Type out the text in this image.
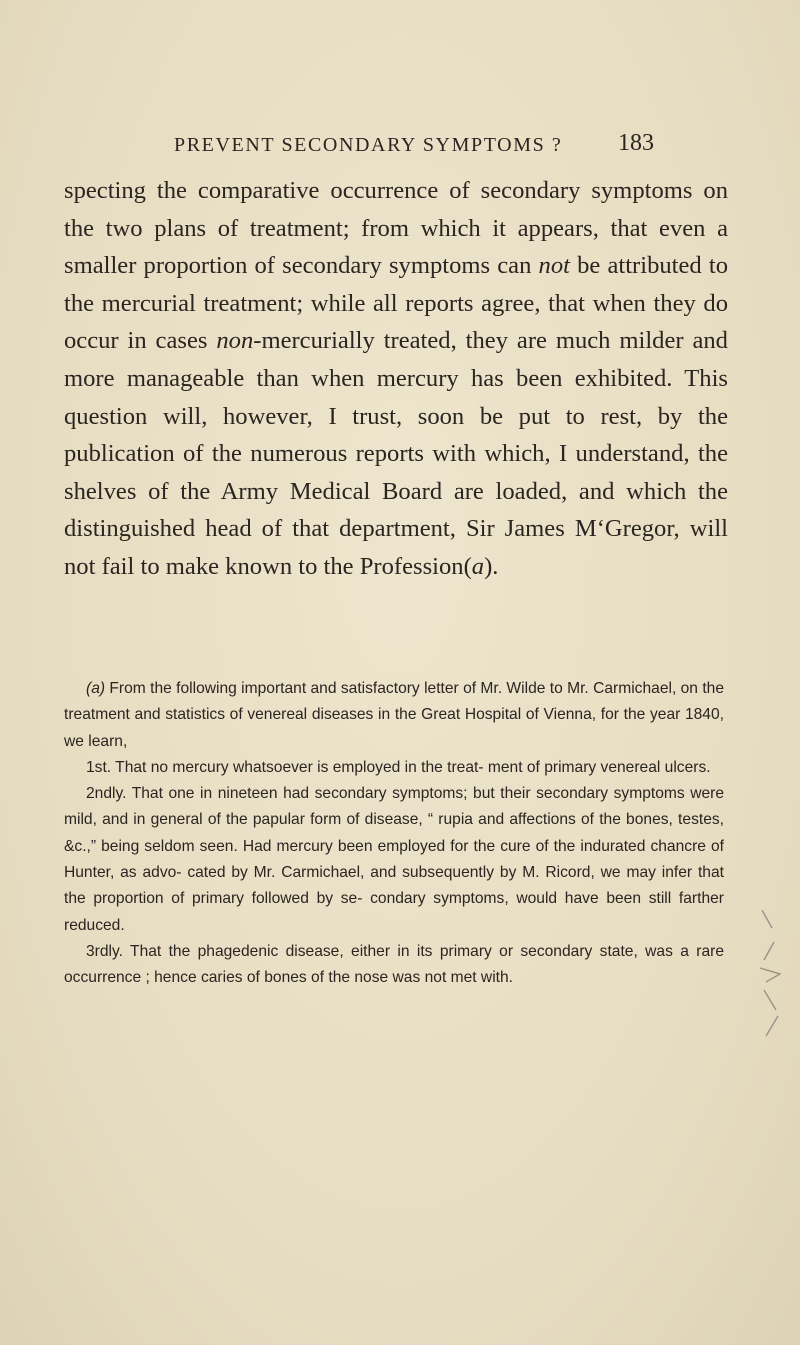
PREVENT SECONDARY SYMPTOMS ? 183

specting the comparative occurrence of secondary symptoms on the two plans of treatment; from which it appears, that even a smaller proportion of secondary symptoms can not be attributed to the mercurial treatment; while all reports agree, that when they do occur in cases non-mercurially treated, they are much milder and more manageable than when mercury has been exhibited. This question will, however, I trust, soon be put to rest, by the publication of the numerous reports with which, I understand, the shelves of the Army Medical Board are loaded, and which the distinguished head of that department, Sir James M‘Gregor, will not fail to make known to the Profession(a).

(a) From the following important and satisfactory letter of Mr. Wilde to Mr. Carmichael, on the treatment and statistics of venereal diseases in the Great Hospital of Vienna, for the year 1840, we learn,

1st. That no mercury whatsoever is employed in the treat- ment of primary venereal ulcers.

2ndly. That one in nineteen had secondary symptoms; but their secondary symptoms were mild, and in general of the papular form of disease, “ rupia and affections of the bones, testes, &c.,” being seldom seen. Had mercury been employed for the cure of the indurated chancre of Hunter, as advo- cated by Mr. Carmichael, and subsequently by M. Ricord, we may infer that the proportion of primary followed by se- condary symptoms, would have been still farther reduced.

3rdly. That the phagedenic disease, either in its primary or secondary state, was a rare occurrence ; hence caries of bones of the nose was not met with.
